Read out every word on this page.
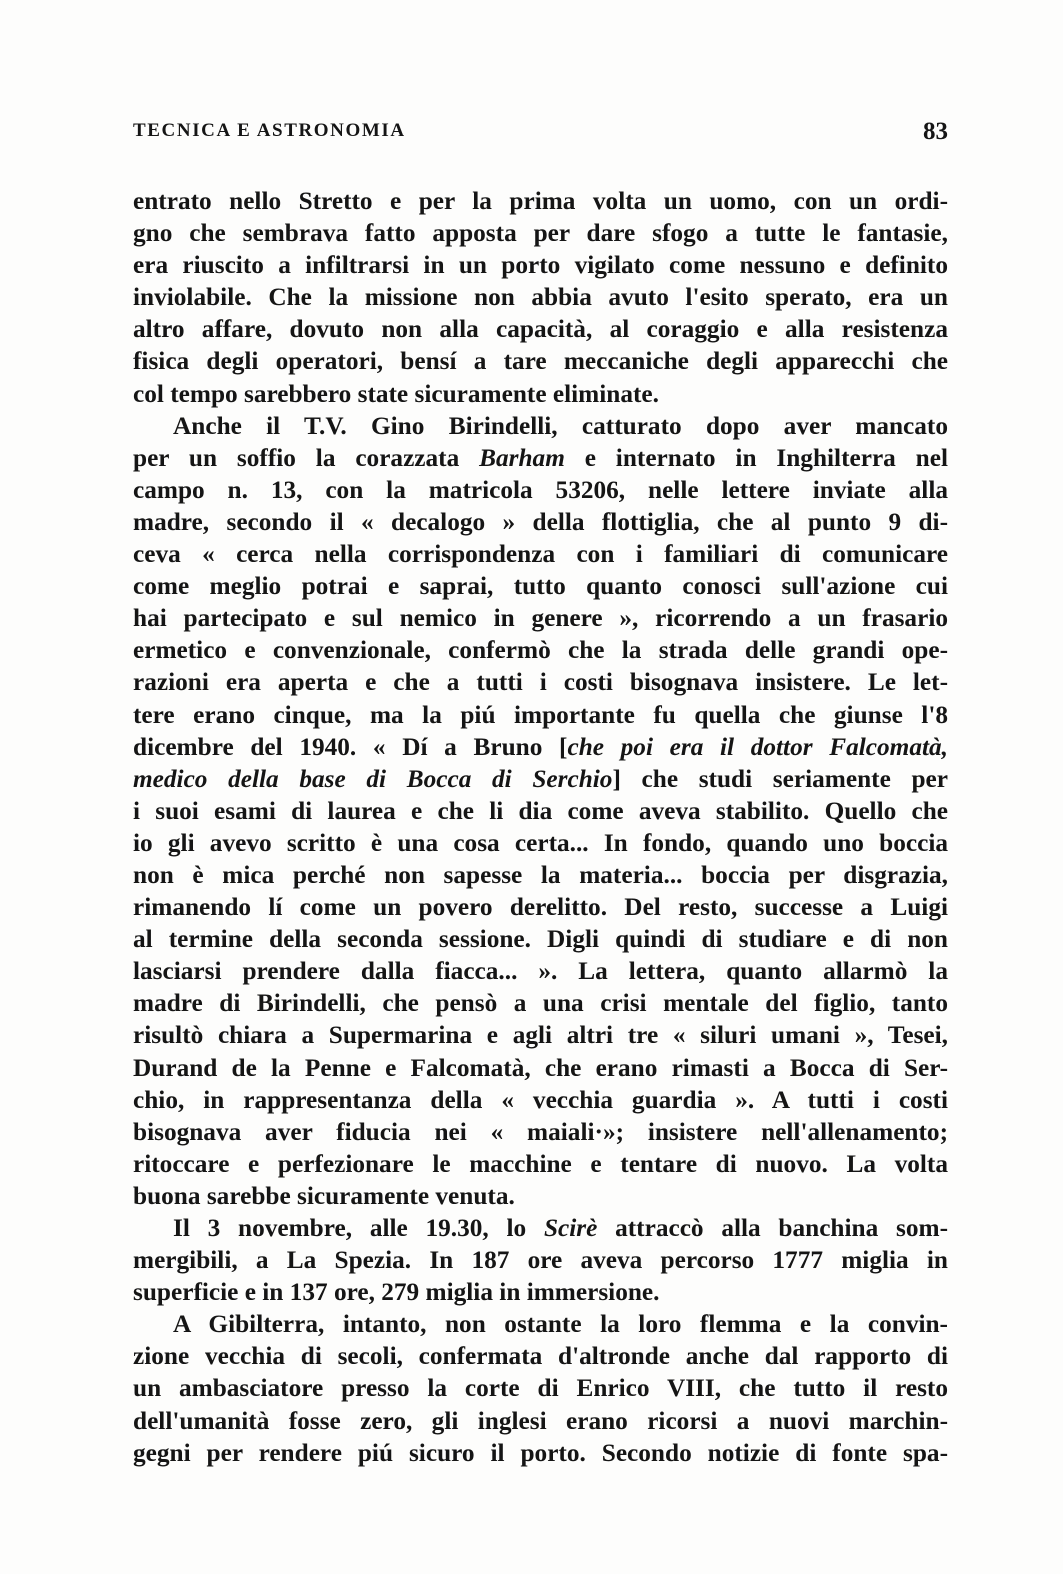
TECNICA E ASTRONOMIA	83
entrato nello Stretto e per la prima volta un uomo, con un ordi-
gno che sembrava fatto apposta per dare sfogo a tutte le fantasie,
era riuscito a infiltrarsi in un porto vigilato come nessuno e definito
inviolabile. Che la missione non abbia avuto l'esito sperato, era un
altro affare, dovuto non alla capacità, al coraggio e alla resistenza
fisica degli operatori, bensí a tare meccaniche degli apparecchi che
col tempo sarebbero state sicuramente eliminate.
Anche il T.V. Gino Birindelli, catturato dopo aver mancato
per un soffio la corazzata Barham e internato in Inghilterra nel
campo n. 13, con la matricola 53206, nelle lettere inviate alla
madre, secondo il « decalogo » della flottiglia, che al punto 9 di-
ceva « cerca nella corrispondenza con i familiari di comunicare
come meglio potrai e saprai, tutto quanto conosci sull'azione cui
hai partecipato e sul nemico in genere », ricorrendo a un frasario
ermetico e convenzionale, confermò che la strada delle grandi ope-
razioni era aperta e che a tutti i costi bisognava insistere. Le let-
tere erano cinque, ma la piú importante fu quella che giunse l'8
dicembre del 1940. « Dí a Bruno [che poi era il dottor Falcomatà,
medico della base di Bocca di Serchio] che studi seriamente per
i suoi esami di laurea e che li dia come aveva stabilito. Quello che
io gli avevo scritto è una cosa certa... In fondo, quando uno boccia
non è mica perché non sapesse la materia... boccia per disgrazia,
rimanendo lí come un povero derelitto. Del resto, successe a Luigi
al termine della seconda sessione. Digli quindi di studiare e di non
lasciarsi prendere dalla fiacca... ». La lettera, quanto allarmò la
madre di Birindelli, che pensò a una crisi mentale del figlio, tanto
risultò chiara a Supermarina e agli altri tre « siluri umani », Tesei,
Durand de la Penne e Falcomatà, che erano rimasti a Bocca di Ser-
chio, in rappresentanza della « vecchia guardia ». A tutti i costi
bisognava aver fiducia nei « maiali·»; insistere nell'allenamento;
ritoccare e perfezionare le macchine e tentare di nuovo. La volta
buona sarebbe sicuramente venuta.
Il 3 novembre, alle 19.30, lo Scirè attraccò alla banchina som-
mergibili, a La Spezia. In 187 ore aveva percorso 1777 miglia in
superficie e in 137 ore, 279 miglia in immersione.
A Gibilterra, intanto, non ostante la loro flemma e la convin-
zione vecchia di secoli, confermata d'altronde anche dal rapporto di
un ambasciatore presso la corte di Enrico VIII, che tutto il resto
dell'umanità fosse zero, gli inglesi erano ricorsi a nuovi marchin-
gegni per rendere piú sicuro il porto. Secondo notizie di fonte spa-
